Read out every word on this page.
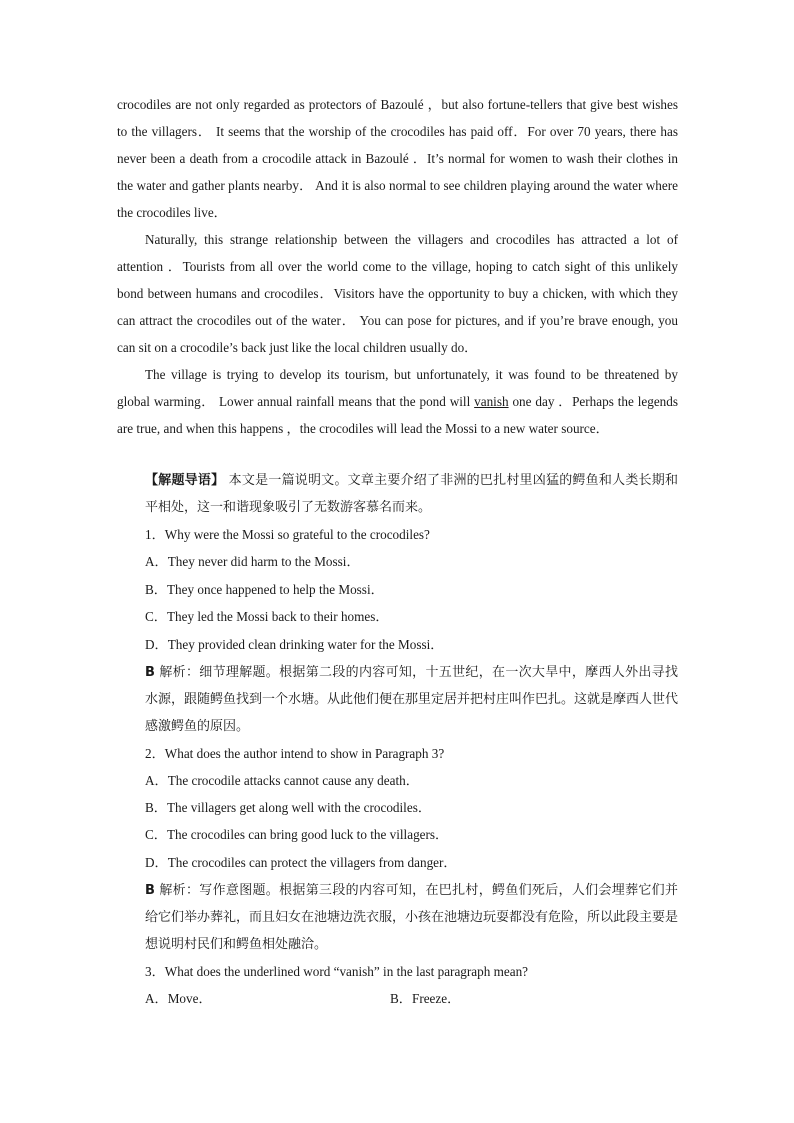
crocodiles are not only regarded as protectors of Bazoulé ，but also fortune-tellers that give best wishes to the villagers． It seems that the worship of the crocodiles has paid off．For over 70 years, there has never been a death from a crocodile attack in Bazoulé ．It’s normal for women to wash their clothes in the water and gather plants nearby． And it is also normal to see children playing around the water where the crocodiles live．

Naturally, this strange relationship between the villagers and crocodiles has attracted a lot of attention ．Tourists from all over the world come to the village, hoping to catch sight of this unlikely bond between humans and crocodiles．Visitors have the opportunity to buy a chicken, with which they can attract the crocodiles out of the water． You can pose for pictures, and if you’re brave enough, you can sit on a crocodile’s back just like the local children usually do．

The village is trying to develop its tourism, but unfortunately, it was found to be threatened by global warming． Lower annual rainfall means that the pond will vanish one day ．Perhaps the legends are true, and when this happens ，the crocodiles will lead the Mossi to a new water source．

【解题导语】 本文是一篇说明文。文章主要介绍了非洲的巴扎村里凶猛的鳄鱼和人类长期和平相处，这一和谐现象吸引了无数游客慕名而来。

1．Why were the Mossi so grateful to the crocodiles?
A．They never did harm to the Mossi．
B．They once happened to help the Mossi．
C．They led the Mossi back to their homes．
D．They provided clean drinking water for the Mossi．

B 解析：细节理解题。根据第二段的内容可知，十五世纪，在一次大旱中，摩西人外出寻找水源，跟随鳄鱼找到一个水塘。从此他们便在那里定居并把村庄叫作巴扎。这就是摩西人世代感激鳄鱼的原因。

2．What does the author intend to show in Paragraph 3?
A．The crocodile attacks cannot cause any death．
B．The villagers get along well with the crocodiles．
C．The crocodiles can bring good luck to the villagers．
D．The crocodiles can protect the villagers from danger．

B 解析：写作意图题。根据第三段的内容可知，在巴扎村，鳄鱼们死后，人们会埋葬它们并给它们举办葬礼，而且妇女在池塘边洗衣服，小孩在池塘边玩耍都没有危险，所以此段主要是想说明村民们和鳄鱼相处融洽。

3．What does the underlined word “vanish” in the last paragraph mean?
A．Move．	B．Freeze．
